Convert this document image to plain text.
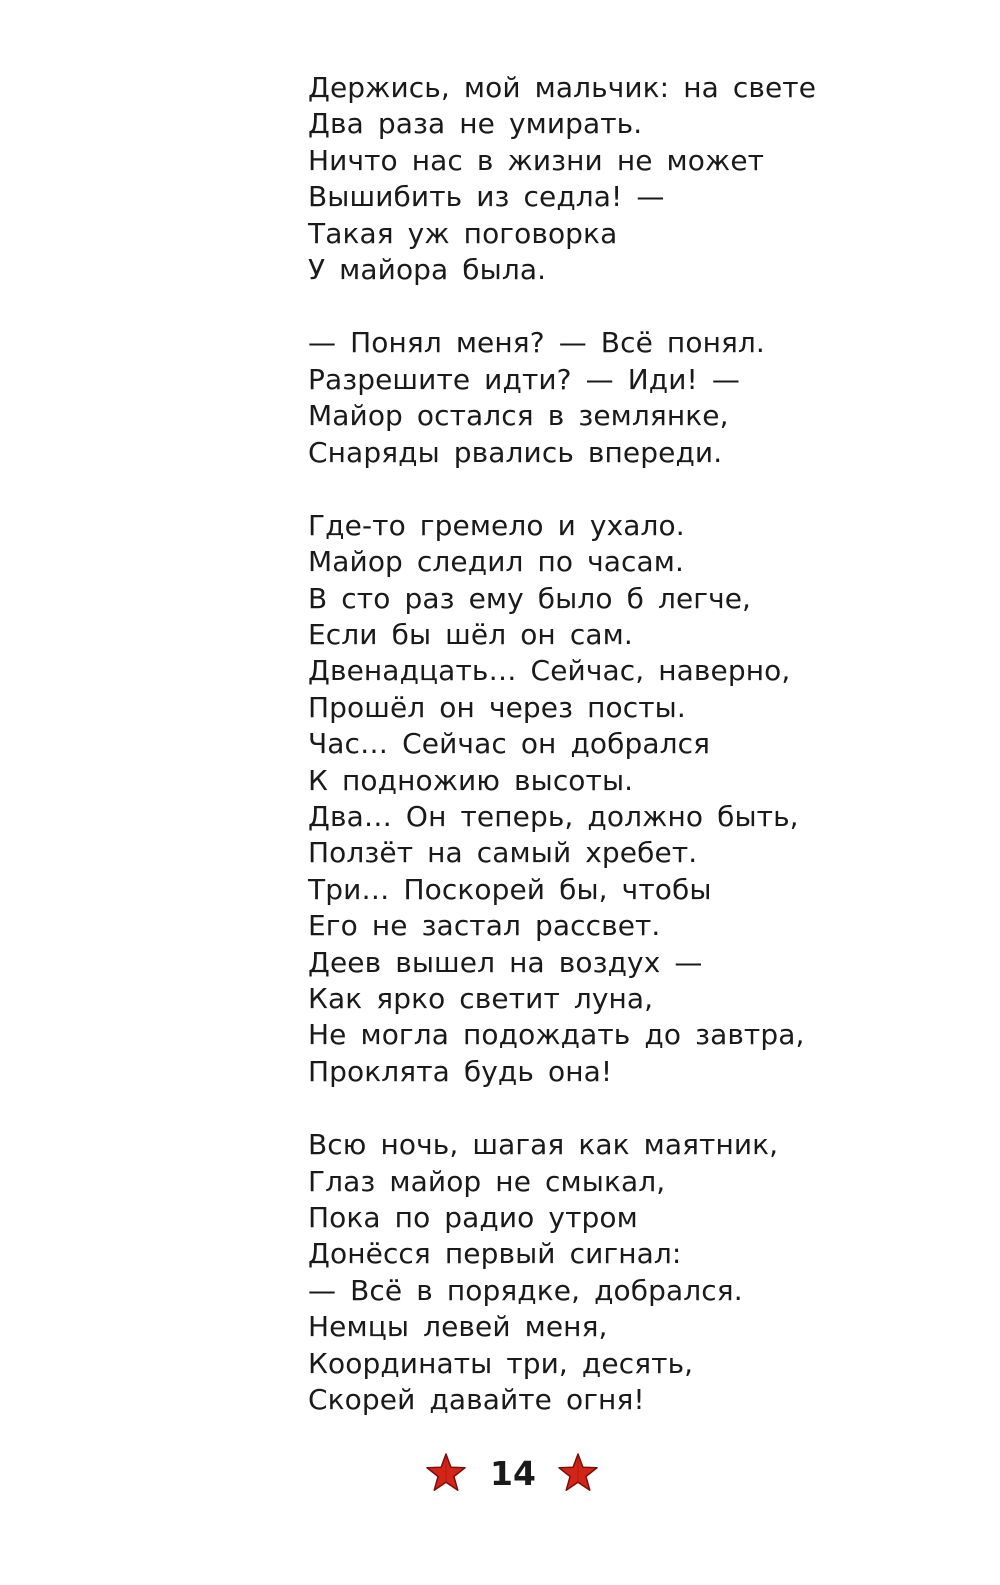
Держись, мой мальчик: на свете
Два раза не умирать.
Ничто нас в жизни не может
Вышибить из седла! —
Такая уж поговорка
У майора была.
— Понял меня? — Всё понял.
Разрешите идти? — Иди! —
Майор остался в землянке,
Снаряды рвались впереди.
Где-то гремело и ухало.
Майор следил по часам.
В сто раз ему было б легче,
Если бы шёл он сам.
Двенадцать… Сейчас, наверно,
Прошёл он через посты.
Час… Сейчас он добрался
К подножию высоты.
Два… Он теперь, должно быть,
Ползёт на самый хребет.
Три… Поскорей бы, чтобы
Его не застал рассвет.
Деев вышел на воздух —
Как ярко светит луна,
Не могла подождать до завтра,
Проклята будь она!
Всю ночь, шагая как маятник,
Глаз майор не смыкал,
Пока по радио утром
Донёсся первый сигнал:
— Всё в порядке, добрался.
Немцы левей меня,
Координаты три, десять,
Скорей давайте огня!
14
